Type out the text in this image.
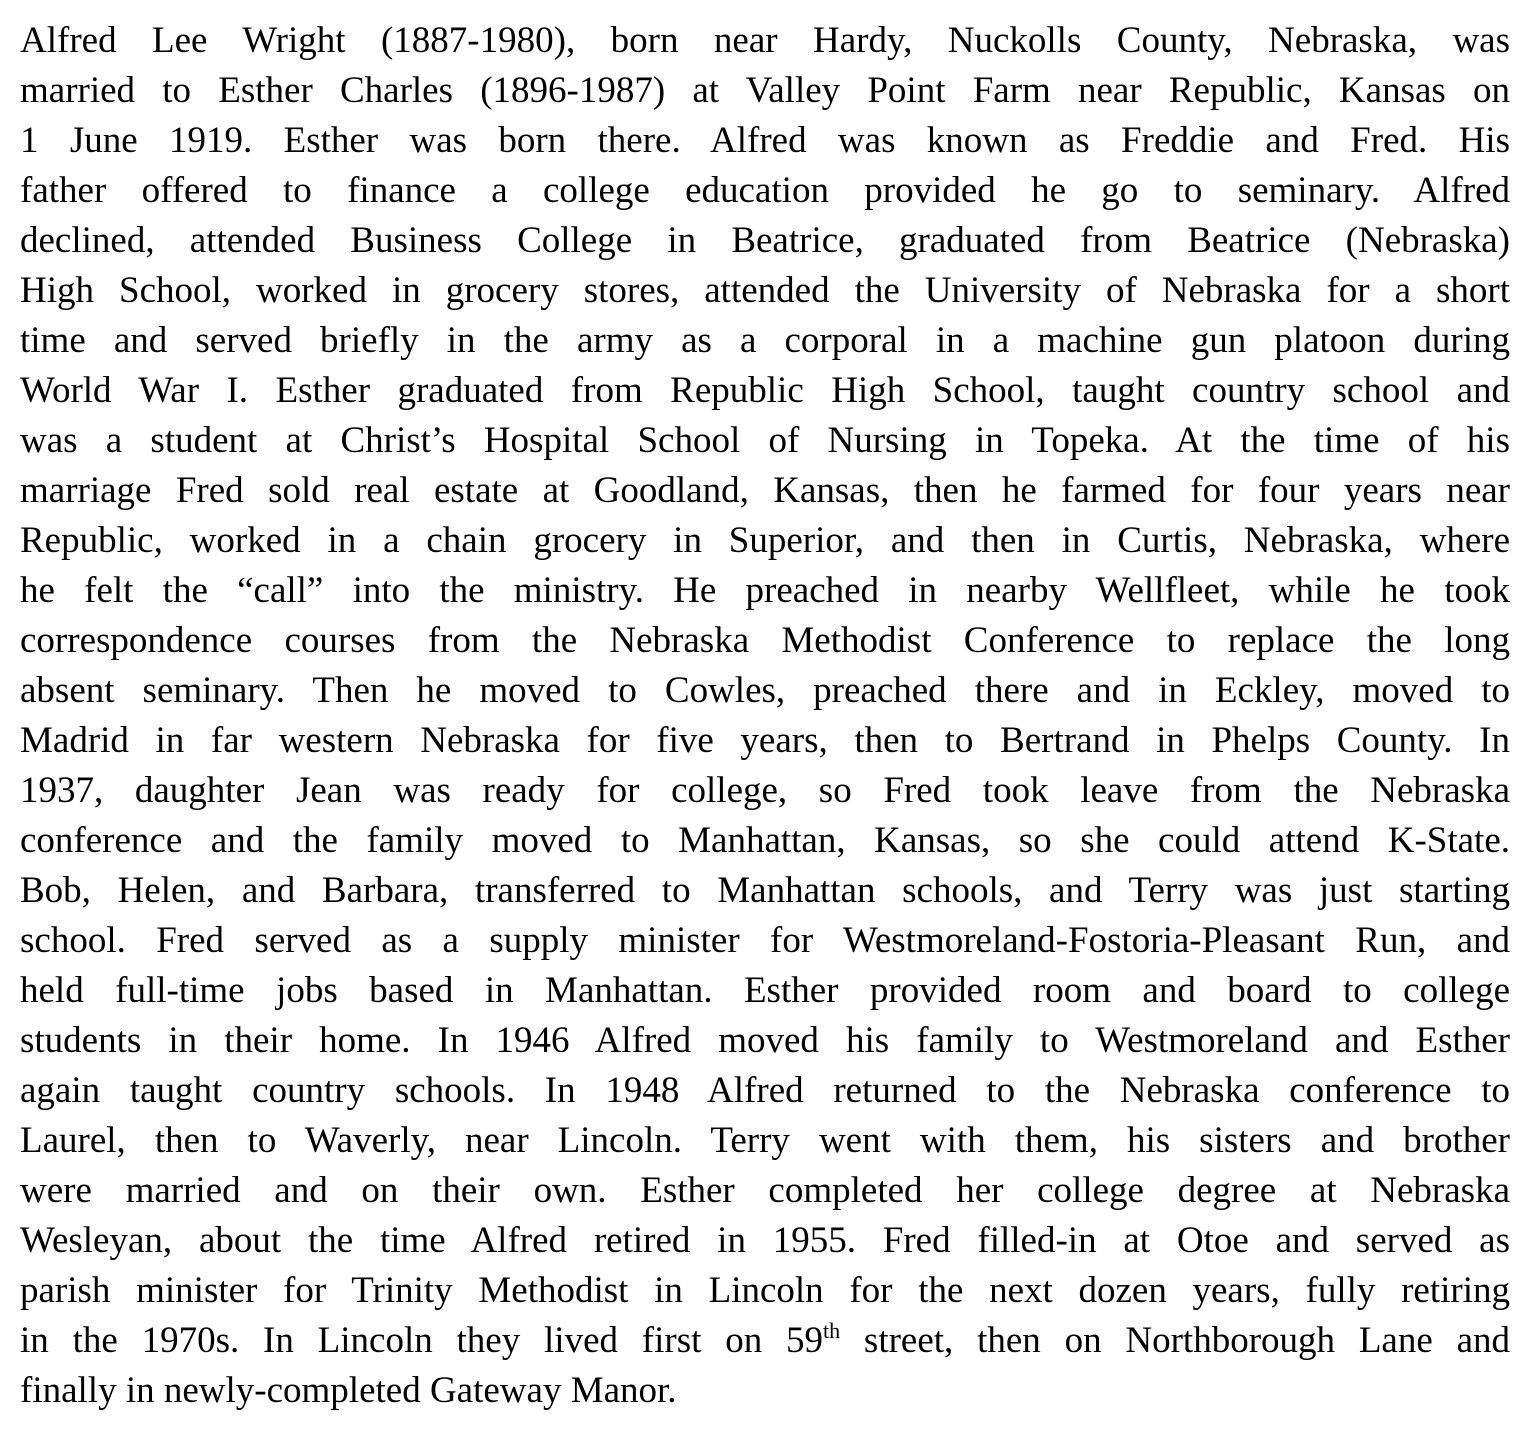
Alfred Lee Wright (1887-1980), born near Hardy, Nuckolls County, Nebraska, was
married to Esther Charles (1896-1987) at Valley Point Farm near Republic, Kansas on
1 June 1919. Esther was born there. Alfred was known as Freddie and Fred. His
father offered to finance a college education provided he go to seminary. Alfred
declined, attended Business College in Beatrice, graduated from Beatrice (Nebraska)
High School, worked in grocery stores, attended the University of Nebraska for a short
time and served briefly in the army as a corporal in a machine gun platoon during
World War I. Esther graduated from Republic High School, taught country school and
was a student at Christ’s Hospital School of Nursing in Topeka. At the time of his
marriage Fred sold real estate at Goodland, Kansas, then he farmed for four years near
Republic, worked in a chain grocery in Superior, and then in Curtis, Nebraska, where
he felt the “call” into the ministry. He preached in nearby Wellfleet, while he took
correspondence courses from the Nebraska Methodist Conference to replace the long
absent seminary. Then he moved to Cowles, preached there and in Eckley, moved to
Madrid in far western Nebraska for five years, then to Bertrand in Phelps County. In
1937, daughter Jean was ready for college, so Fred took leave from the Nebraska
conference and the family moved to Manhattan, Kansas, so she could attend K-State.
Bob, Helen, and Barbara, transferred to Manhattan schools, and Terry was just starting
school. Fred served as a supply minister for Westmoreland-Fostoria-Pleasant Run, and
held full-time jobs based in Manhattan. Esther provided room and board to college
students in their home. In 1946 Alfred moved his family to Westmoreland and Esther
again taught country schools. In 1948 Alfred returned to the Nebraska conference to
Laurel, then to Waverly, near Lincoln. Terry went with them, his sisters and brother
were married and on their own. Esther completed her college degree at Nebraska
Wesleyan, about the time Alfred retired in 1955. Fred filled-in at Otoe and served as
parish minister for Trinity Methodist in Lincoln for the next dozen years, fully retiring
in the 1970s. In Lincoln they lived first on 59th street, then on Northborough Lane and
finally in newly-completed Gateway Manor.
